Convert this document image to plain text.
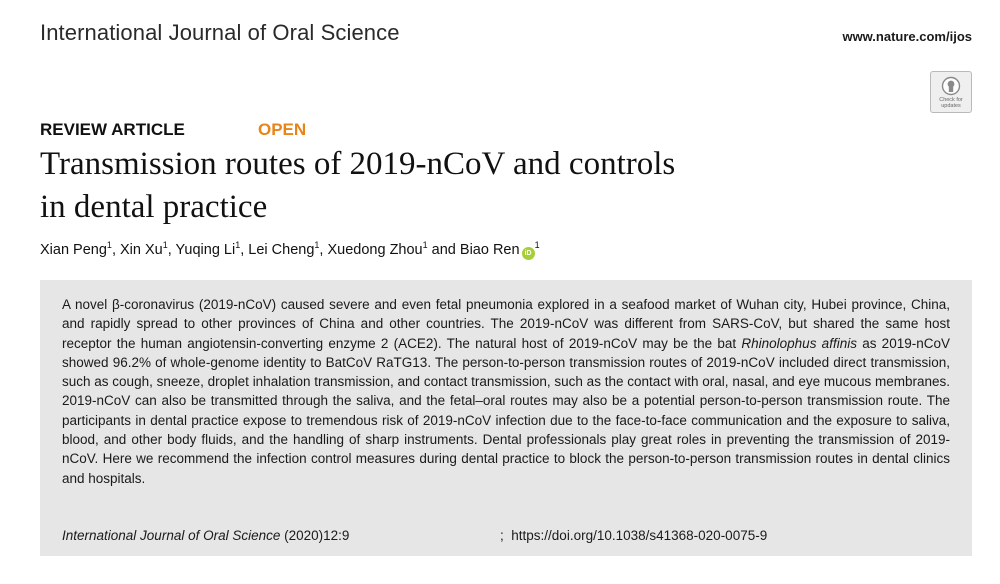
International Journal of Oral Science	www.nature.com/ijos
Check for updates
REVIEW ARTICLE	OPEN
Transmission routes of 2019-nCoV and controls
in dental practice
Xian Peng$^1$, Xin Xu$^1$, Yuqing Li$^1$, Lei Cheng$^1$, Xuedong Zhou$^1$ and Biao Ren $iD^1$

A novel β-coronavirus (2019-nCoV) caused severe and even fetal pneumonia explored in a seafood market of Wuhan city, Hubei province, China, and rapidly spread to other provinces of China and other countries. The 2019-nCoV was different from SARS-CoV, but shared the same host receptor the human angiotensin-converting enzyme 2 (ACE2). The natural host of 2019-nCoV may be the bat Rhinolophus affinis as 2019-nCoV showed 96.2% of whole-genome identity to BatCoV RaTG13. The person-to-person transmission routes of 2019-nCoV included direct transmission, such as cough, sneeze, droplet inhalation transmission, and contact transmission, such as the contact with oral, nasal, and eye mucous membranes. 2019-nCoV can also be transmitted through the saliva, and the fetal–oral routes may also be a potential person-to-person transmission route. The participants in dental practice expose to tremendous risk of 2019-nCoV infection due to the face-to-face communication and the exposure to saliva, blood, and other body fluids, and the handling of sharp instruments. Dental professionals play great roles in preventing the transmission of 2019-nCoV. Here we recommend the infection control measures during dental practice to block the person-to-person transmission routes in dental clinics and hospitals.

International Journal of Oral Science (2020)12:9	; https://doi.org/10.1038/s41368-020-0075-9
